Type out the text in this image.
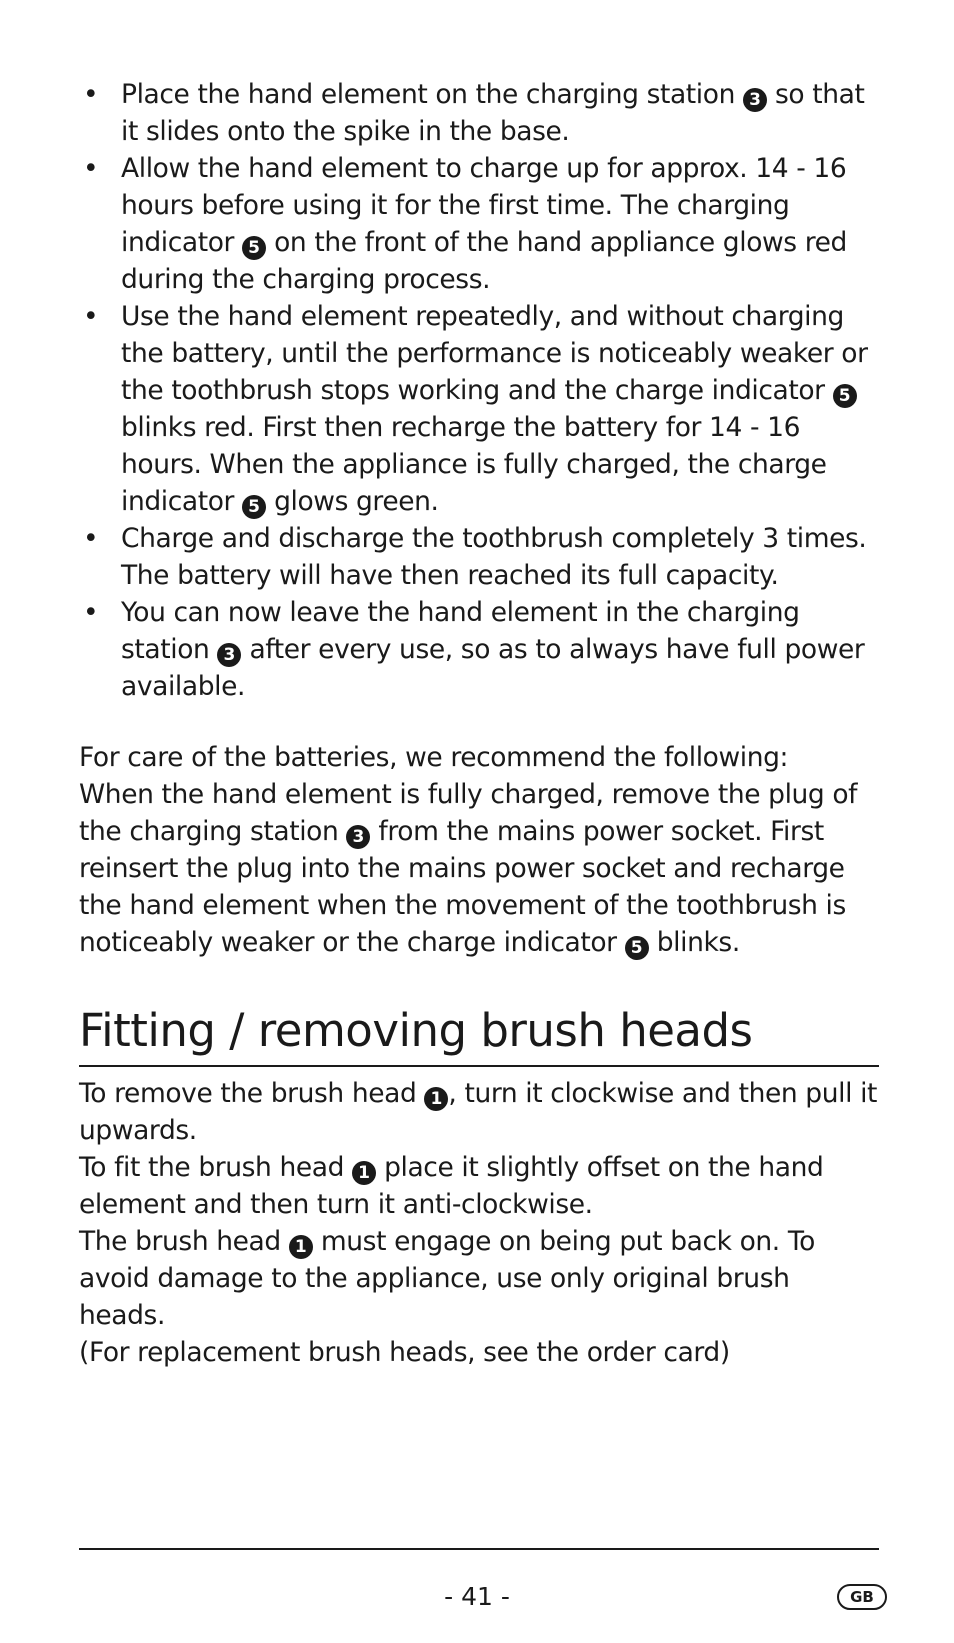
• Place the hand element on the charging station 3 so that it slides onto the spike in the base.
• Allow the hand element to charge up for approx. 14 - 16 hours before using it for the first time. The charging indicator 5 on the front of the hand appliance glows red during the charging process.
• Use the hand element repeatedly, and without charging the battery, until the performance is noticeably weaker or the toothbrush stops working and the charge indicator 5 blinks red. First then recharge the battery for 14 - 16 hours. When the appliance is fully charged, the charge indicator 5 glows green.
• Charge and discharge the toothbrush completely 3 times. The battery will have then reached its full capacity.
• You can now leave the hand element in the charging station 3 after every use, so as to always have full power available.
For care of the batteries, we recommend the following:
When the hand element is fully charged, remove the plug of the charging station 3 from the mains power socket. First reinsert the plug into the mains power socket and recharge the hand element when the movement of the toothbrush is noticeably weaker or the charge indicator 5 blinks.
Fitting / removing brush heads
To remove the brush head 1 , turn it clockwise and then pull it upwards.
To fit the brush head 1 place it slightly offset on the hand element and then turn it anti-clockwise.
The brush head 1 must engage on being put back on. To avoid damage to the appliance, use only original brush heads.
(For replacement brush heads, see the order card)
- 41 -	GB
